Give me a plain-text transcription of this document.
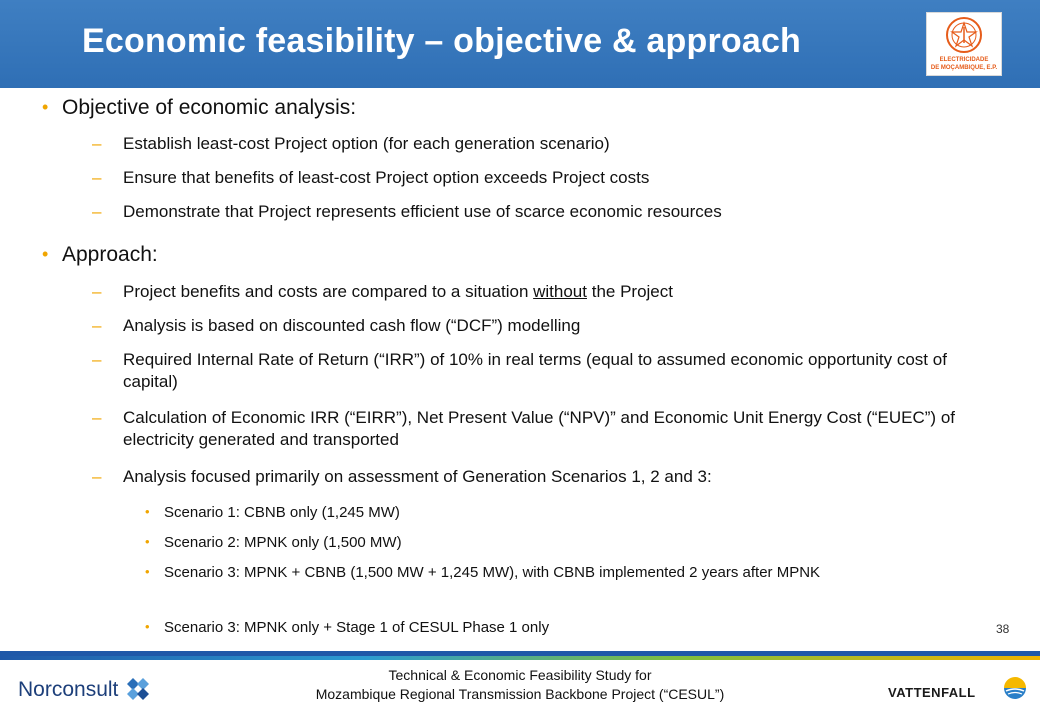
Economic feasibility – objective & approach	ELECTRICIDADE
DE MOÇAMBIQUE, E.P.
• Objective of economic analysis:
– Establish least-cost Project option (for each generation scenario)
– Ensure that benefits of least-cost Project option exceeds Project costs
– Demonstrate that Project represents efficient use of scarce economic resources
• Approach:
– Project benefits and costs are compared to a situation without the Project
– Analysis is based on discounted cash flow (“DCF”) modelling
– Required Internal Rate of Return (“IRR”) of 10% in real terms (equal to assumed economic opportunity cost of capital)
– Calculation of Economic IRR (“EIRR”), Net Present Value (“NPV)” and Economic Unit Energy Cost (“EUEC”) of electricity generated and transported
– Analysis focused primarily on assessment of Generation Scenarios 1, 2 and 3:
• Scenario 1: CBNB only (1,245 MW)
• Scenario 2: MPNK only (1,500 MW)
• Scenario 3: MPNK + CBNB (1,500 MW + 1,245 MW), with CBNB implemented 2 years after MPNK
• Scenario 3: MPNK only + Stage 1 of CESUL Phase 1 only	38
Norconsult
Technical & Economic Feasibility Study for
Mozambique Regional Transmission Backbone Project (“CESUL”)	VATTENFALL
